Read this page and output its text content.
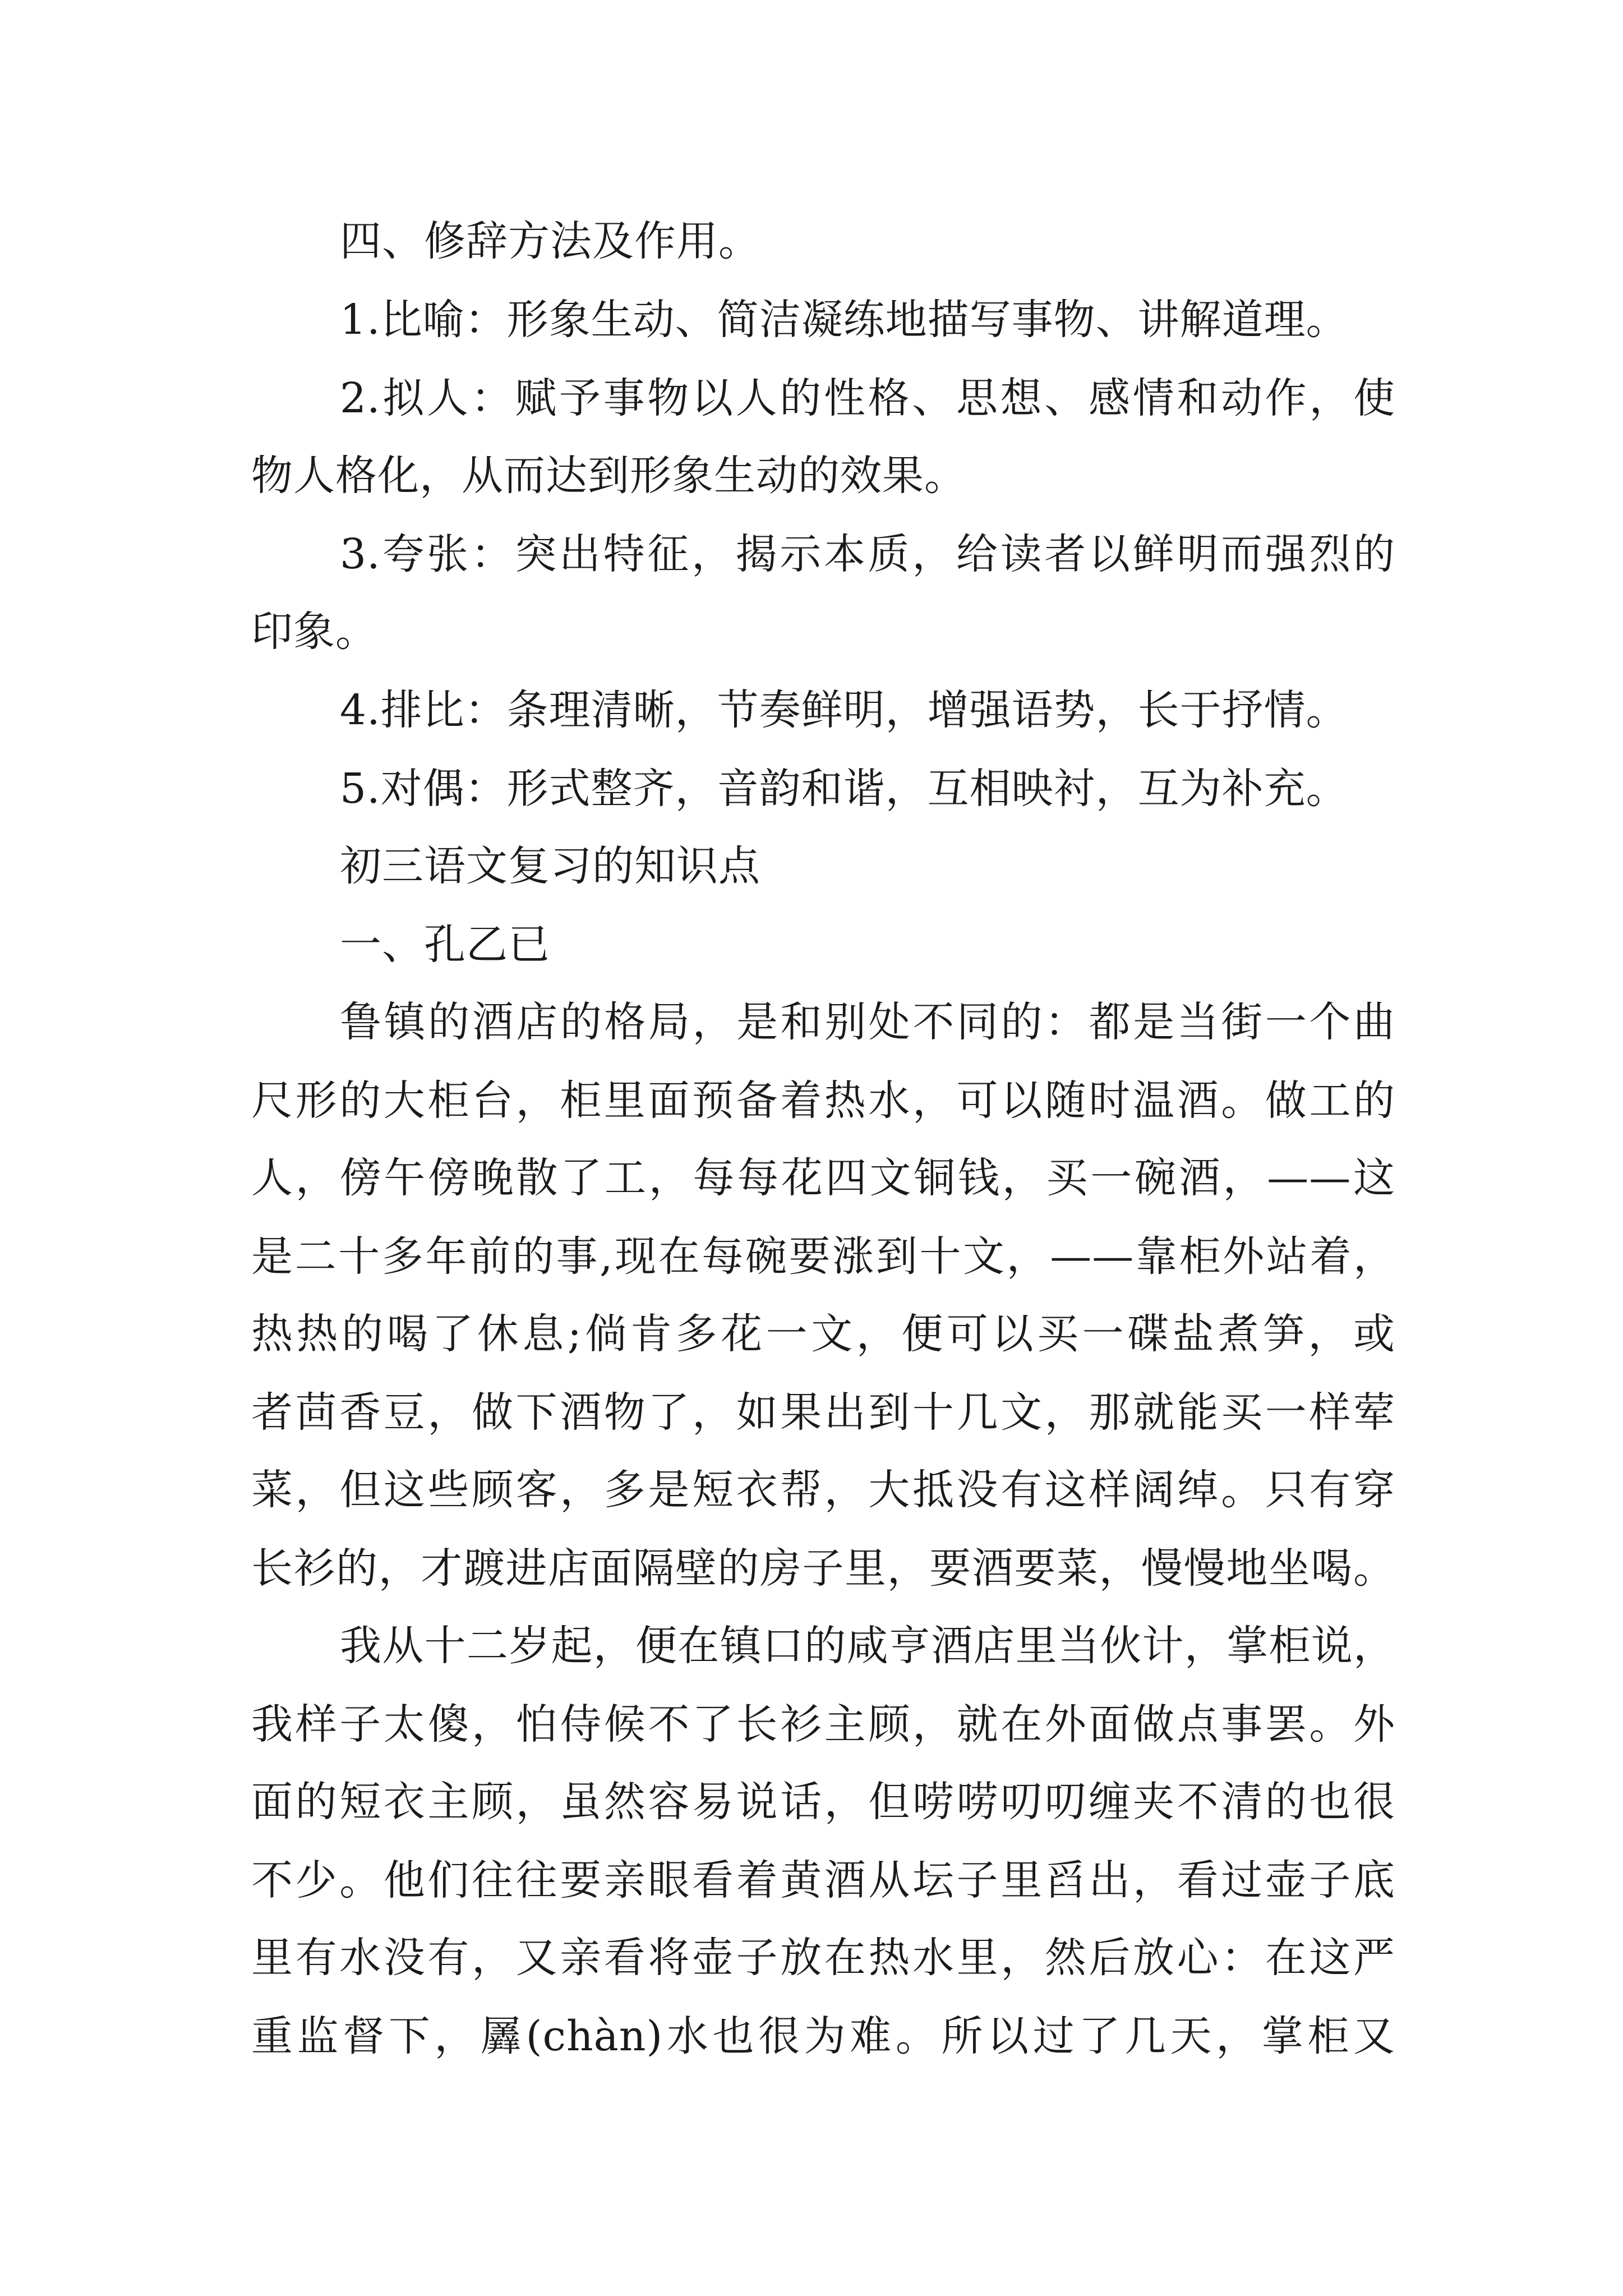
四、修辞方法及作用。

1.比喻：形象生动、简洁凝练地描写事物、讲解道理。

2.拟人：赋予事物以人的性格、思想、感情和动作，使

物人格化，从而达到形象生动的效果。

3.夸张：突出特征，揭示本质，给读者以鲜明而强烈的

印象。

4.排比：条理清晰，节奏鲜明，增强语势，长于抒情。

5.对偶：形式整齐，音韵和谐，互相映衬，互为补充。

初三语文复习的知识点

一、孔乙已

鲁镇的酒店的格局，是和别处不同的：都是当街一个曲

尺形的大柜台，柜里面预备着热水，可以随时温酒。做工的

人，傍午傍晚散了工，每每花四文铜钱，买一碗酒，——这

是二十多年前的事,现在每碗要涨到十文，——靠柜外站着，

热热的喝了休息;倘肯多花一文，便可以买一碟盐煮笋，或

者茴香豆，做下酒物了，如果出到十几文，那就能买一样荤

菜，但这些顾客，多是短衣帮，大抵没有这样阔绰。只有穿

长衫的，才踱进店面隔壁的房子里，要酒要菜，慢慢地坐喝。

我从十二岁起，便在镇口的咸亨酒店里当伙计，掌柜说，

我样子太傻，怕侍候不了长衫主顾，就在外面做点事罢。外

面的短衣主顾，虽然容易说话，但唠唠叨叨缠夹不清的也很

不少。他们往往要亲眼看着黄酒从坛子里舀出，看过壶子底

里有水没有，又亲看将壶子放在热水里，然后放心：在这严

重监督下，羼(chàn)水也很为难。所以过了几天，掌柜又
